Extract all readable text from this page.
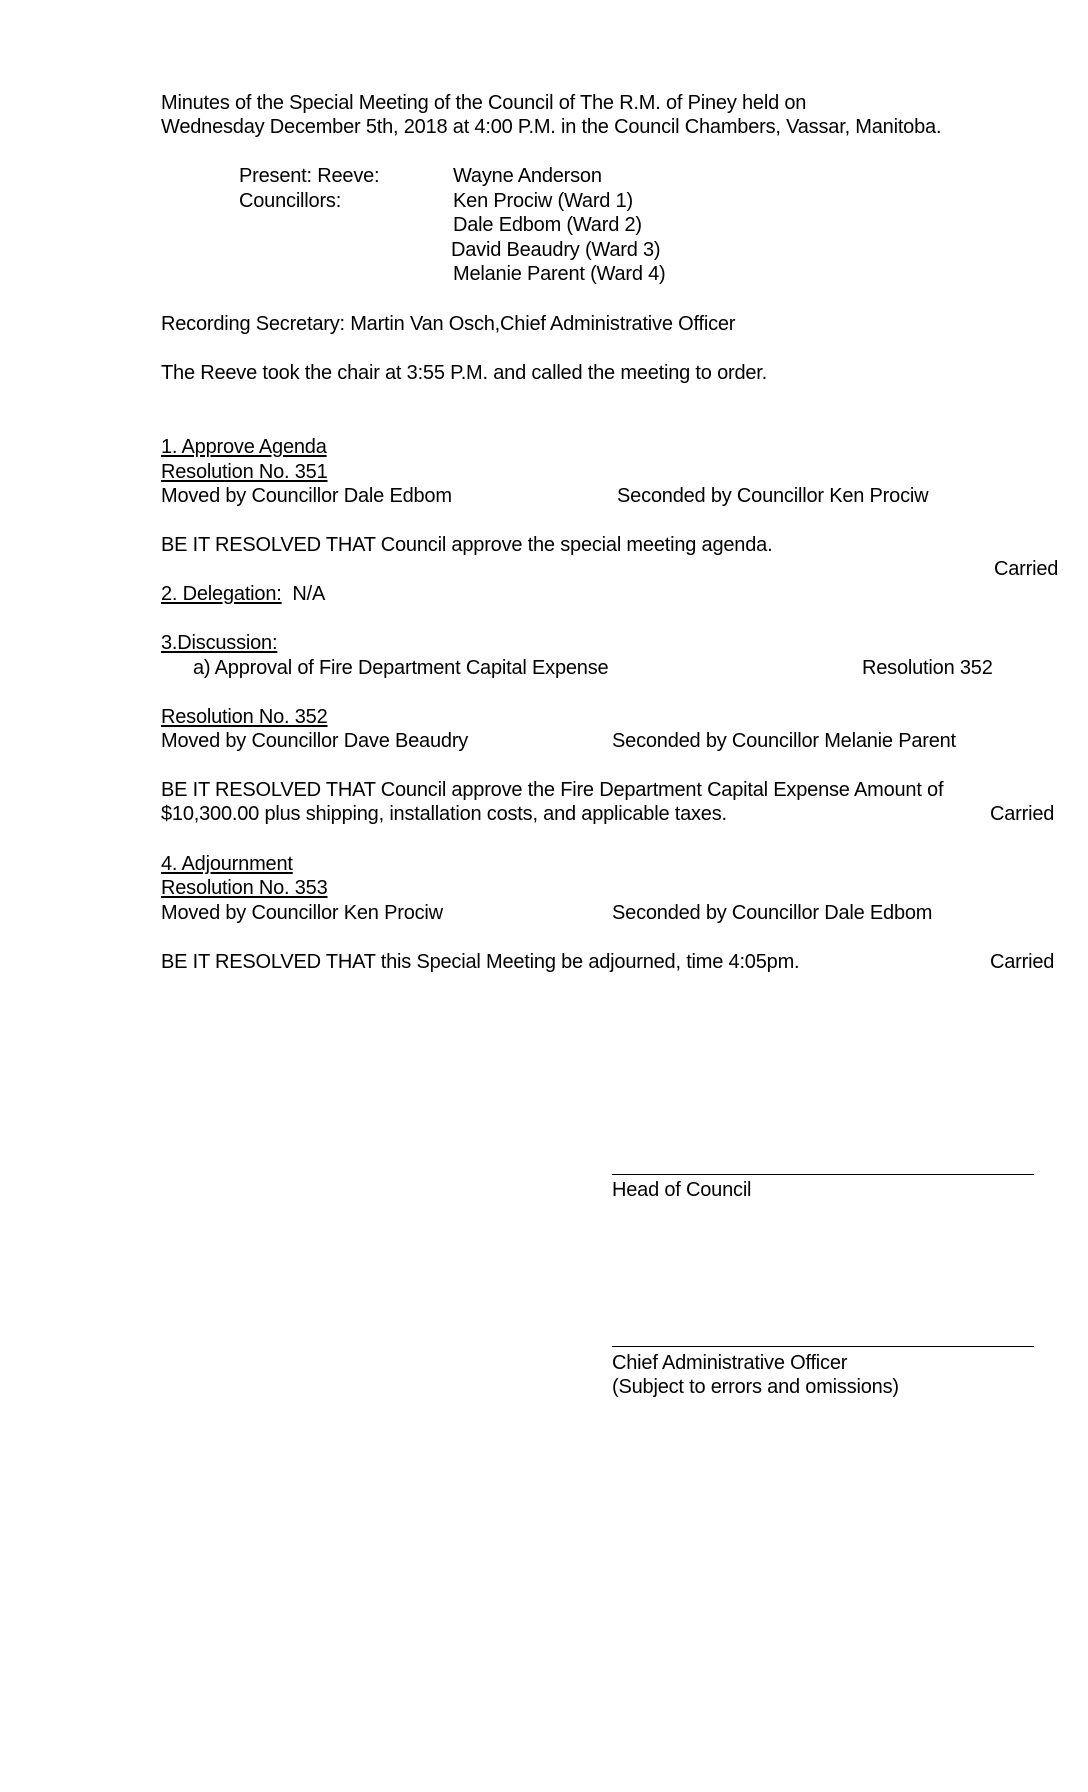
Minutes of the Special Meeting of the Council of The R.M. of Piney held on
Wednesday December 5th, 2018 at 4:00 P.M. in the Council Chambers, Vassar, Manitoba.
Present: Reeve:	Wayne Anderson
Councillors:	Ken Prociw (Ward 1)
Dale Edbom (Ward 2)
David Beaudry (Ward 3)
Melanie Parent (Ward 4)
Recording Secretary: Martin Van Osch,Chief Administrative Officer
The Reeve took the chair at 3:55 P.M. and called the meeting to order.
1. Approve Agenda
Resolution No. 351
Moved by Councillor Dale Edbom	Seconded by Councillor Ken Prociw
BE IT RESOLVED THAT Council approve the special meeting agenda.
Carried
2. Delegation: N/A
3.Discussion:
a) Approval of Fire Department Capital Expense	Resolution 352
Resolution No. 352
Moved by Councillor Dave Beaudry	Seconded by Councillor Melanie Parent
BE IT RESOLVED THAT Council approve the Fire Department Capital Expense Amount of
$10,300.00 plus shipping, installation costs, and applicable taxes.	Carried
4. Adjournment
Resolution No. 353
Moved by Councillor Ken Prociw	Seconded by Councillor Dale Edbom
BE IT RESOLVED THAT this Special Meeting be adjourned, time 4:05pm.	Carried
Head of Council
Chief Administrative Officer
(Subject to errors and omissions)
